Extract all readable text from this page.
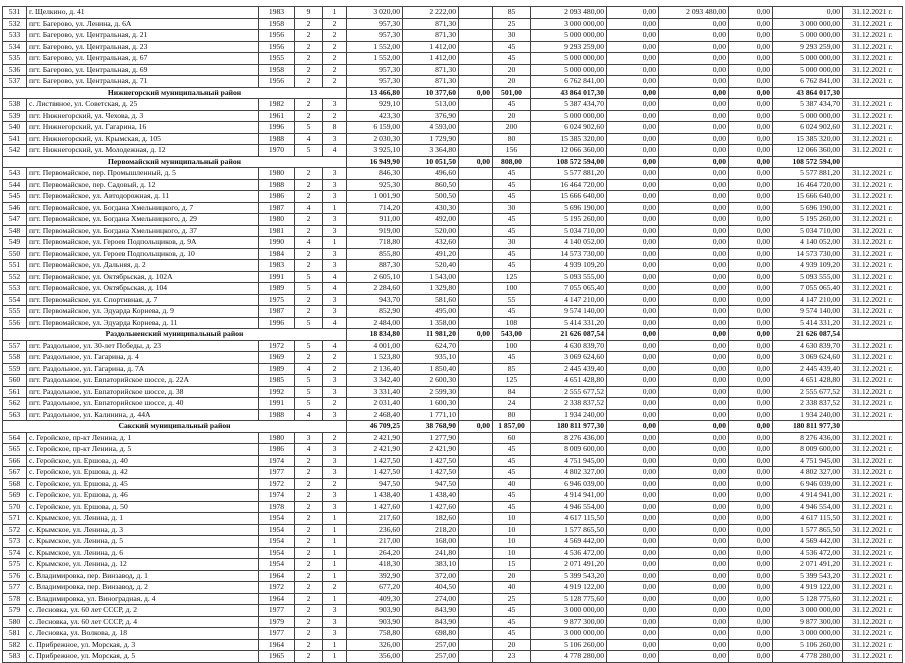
531	г. Щелкино, д. 41	1983	9	1	3 020,00	2 222,00		85	2 093 480,00	0,00	2 093 480,00	0,00	0,00	31.12.2021 г.
532	пгт. Багерово, ул. Ленина, д. 6А	1958	2	2	957,30	871,30		25	3 000 000,00	0,00	0,00	0,00	3 000 000,00	31.12.2021 г.
533	пгт. Багерово, ул. Центральная, д. 21	1956	2	2	957,30	871,30		30	5 000 000,00	0,00	0,00	0,00	5 000 000,00	31.12.2021 г.
534	пгт. Багерово, ул. Центральная, д. 23	1956	2	2	1 552,00	1 412,00		45	9 293 259,00	0,00	0,00	0,00	9 293 259,00	31.12.2021 г.
535	пгт. Багерово, ул. Центральная, д. 67	1955	2	2	1 552,00	1 412,00		45	5 000 000,00	0,00	0,00	0,00	5 000 000,00	31.12.2021 г.
536	пгт. Багерово, ул. Центральная, д. 69	1958	2	2	957,30	871,30		20	5 000 000,00	0,00	0,00	0,00	5 000 000,00	31.12.2021 г.
537	пгт. Багерово, ул. Центральная, д. 71	1956	2	2	957,30	871,30		20	6 762 841,00	0,00	0,00	0,00	6 762 841,00	31.12.2021 г.
Нижнегорский муниципальный район					13 466,80	10 377,60	0,00	501,00	43 864 017,30	0,00	0,00	0,00	43 864 017,30	
538	с. Листвяное, ул. Советская, д. 25	1982	2	3	929,10	513,00		45	5 387 434,70	0,00	0,00	0,00	5 387 434,70	31.12.2021 г.
539	пгт. Нижнегорский, ул. Чехова, д. 3	1961	2	2	423,30	376,90		20	5 000 000,00	0,00	0,00	0,00	5 000 000,00	31.12.2021 г.
540	пгт. Нижнегорский, ул. Гагарина, 16	1996	5	8	6 159,00	4 593,00		200	6 024 902,60	0,00	0,00	0,00	6 024 902,60	31.12.2021 г.
541	пгт. Нижнегорский, ул. Крымская, д. 105	1988	4	3	2 030,30	1 729,90		80	15 385 320,00	0,00	0,00	0,00	15 385 320,00	31.12.2021 г.
542	пгт. Нижнегорский, ул. Молодежная, д. 12	1970	5	4	3 925,10	3 364,80		156	12 066 360,00	0,00	0,00	0,00	12 066 360,00	31.12.2021 г.
Первомайский муниципальный район					16 949,90	10 051,50	0,00	808,00	108 572 594,00	0,00	0,00	0,00	108 572 594,00	
543	пгт. Первомайское, пер. Промышленный, д. 5	1980	2	3	846,30	496,60		45	5 577 881,20	0,00	0,00	0,00	5 577 881,20	31.12.2021 г.
544	пгт. Первомайское, пер. Садовый, д. 12	1988	2	3	925,30	860,50		45	16 464 720,00	0,00	0,00	0,00	16 464 720,00	31.12.2021 г.
545	пгт. Первомайское, ул. Автодорожная, д. 11	1986	2	3	1 001,90	500,50		45	15 666 640,00	0,00	0,00	0,00	15 666 640,00	31.12.2021 г.
546	пгт. Первомайское, ул. Богдана Хмельницкого, д. 7	1987	4	1	714,20	430,30		30	5 696 190,00	0,00	0,00	0,00	5 696 190,00	31.12.2021 г.
547	пгт. Первомайское, ул. Богдана Хмельницкого, д. 29	1980	2	3	911,00	492,00		45	5 195 260,00	0,00	0,00	0,00	5 195 260,00	31.12.2021 г.
548	пгт. Первомайское, ул. Богдана Хмельницкого, д. 37	1981	2	3	919,00	520,00		45	5 034 710,00	0,00	0,00	0,00	5 034 710,00	31.12.2021 г.
549	пгт. Первомайское, ул. Героев Подпольщиков, д. 9А	1990	4	1	718,80	432,60		30	4 140 052,00	0,00	0,00	0,00	4 140 052,00	31.12.2021 г.
550	пгт. Первомайское, ул. Героев Подпольщиков, д. 10	1984	2	3	855,80	491,20		45	14 573 730,00	0,00	0,00	0,00	14 573 730,00	31.12.2021 г.
551	пгт. Первомайское, ул. Дальняя, д. 2	1983	2	3	887,30	520,40		45	4 939 109,20	0,00	0,00	0,00	4 939 109,20	31.12.2021 г.
552	пгт. Первомайское, ул. Октябрьская, д. 102А	1991	5	4	2 605,10	1 543,00		125	5 093 555,00	0,00	0,00	0,00	5 093 555,00	31.12.2021 г.
553	пгт. Первомайское, ул. Октябрьская, д. 104	1989	5	4	2 284,60	1 329,80		100	7 055 065,40	0,00	0,00	0,00	7 055 065,40	31.12.2021 г.
554	пгт. Первомайское, ул. Спортивная, д. 7	1975	2	3	943,70	581,60		55	4 147 210,00	0,00	0,00	0,00	4 147 210,00	31.12.2021 г.
555	пгт. Первомайское, ул. Эдуарда Корнева, д. 9	1987	2	3	852,90	495,00		45	9 574 140,00	0,00	0,00	0,00	9 574 140,00	31.12.2021 г.
556	пгт. Первомайское, ул. Эдуарда Корнева, д. 11	1996	5	4	2 484,00	1 358,00		108	5 414 331,20	0,00	0,00	0,00	5 414 331,20	31.12.2021 г.
Раздольненский муниципальный район					18 834,80	11 981,20	0,00	543,00	21 626 087,54	0,00	0,00	0,00	21 626 087,54	
557	пгт. Раздольное, ул. 30-лет Победы, д. 23	1972	5	4	4 001,00	624,70		100	4 630 839,70	0,00	0,00	0,00	4 630 839,70	31.12.2021 г.
558	пгт. Раздольное, ул. Гагарина, д. 4	1969	2	2	1 523,80	935,10		45	3 069 624,60	0,00	0,00	0,00	3 069 624,60	31.12.2021 г.
559	пгт. Раздольное, ул. Гагарина, д. 7А	1989	4	2	2 136,40	1 850,40		85	2 445 439,40	0,00	0,00	0,00	2 445 439,40	31.12.2021 г.
560	пгт. Раздольное, ул. Евпаторийское шоссе, д. 22А	1985	5	3	3 342,40	2 600,30		125	4 651 428,80	0,00	0,00	0,00	4 651 428,80	31.12.2021 г.
561	пгт. Раздольное, ул. Евпаторийское шоссе, д. 38	1992	5	3	3 331,40	2 599,30		84	2 555 677,52	0,00	0,00	0,00	2 555 677,52	31.12.2021 г.
562	пгт. Раздольное, ул. Евпаторийское шоссе, д. 40	1991	5	2	2 031,40	1 600,30		24	2 338 837,52	0,00	0,00	0,00	2 338 837,52	31.12.2021 г.
563	пгт. Раздольное, ул. Калинина, д. 44А	1988	4	3	2 468,40	1 771,10		80	1 934 240,00	0,00	0,00	0,00	1 934 240,00	31.12.2021 г.
Сакский муниципальный район					46 709,25	38 768,90	0,00	1 857,00	180 811 977,30	0,00	0,00	0,00	180 811 977,30	
564	с. Геройское, пр-кт Ленина, д. 1	1980	3	2	2 421,90	1 277,90		60	8 276 436,00	0,00	0,00	0,00	8 276 436,00	31.12.2021 г.
565	с. Геройское, пр-кт Ленина, д. 5	1986	4	3	2 421,90	2 421,90		45	8 009 600,00	0,00	0,00	0,00	8 009 600,00	31.12.2021 г.
566	с. Геройское, ул. Ершова, д. 40	1974	2	3	1 427,50	1 427,50		45	4 751 945,00	0,00	0,00	0,00	4 751 945,00	31.12.2021 г.
567	с. Геройское, ул. Ершова, д. 42	1977	2	3	1 427,50	1 427,50		45	4 802 327,00	0,00	0,00	0,00	4 802 327,00	31.12.2021 г.
568	с. Геройское, ул. Ершова, д. 45	1972	2	2	947,50	947,50		40	6 946 039,00	0,00	0,00	0,00	6 946 039,00	31.12.2021 г.
569	с. Геройское, ул. Ершова, д. 46	1974	2	3	1 438,40	1 438,40		45	4 914 941,00	0,00	0,00	0,00	4 914 941,00	31.12.2021 г.
570	с. Геройское, ул. Ершова, д. 50	1978	2	3	1 427,60	1 427,60		45	4 946 554,00	0,00	0,00	0,00	4 946 554,00	31.12.2021 г.
571	с. Крымское, ул. Ленина, д. 1	1954	2	1	217,60	182,60		10	4 617 115,50	0,00	0,00	0,00	4 617 115,50	31.12.2021 г.
572	с. Крымское, ул. Ленина, д. 3	1954	2	1	236,60	218,20		10	1 577 865,50	0,00	0,00	0,00	1 577 865,50	31.12.2021 г.
573	с. Крымское, ул. Ленина, д. 5	1954	2	1	217,00	168,00		10	4 569 442,00	0,00	0,00	0,00	4 569 442,00	31.12.2021 г.
574	с. Крымское, ул. Ленина, д. 6	1954	2	1	264,20	241,80		10	4 536 472,00	0,00	0,00	0,00	4 536 472,00	31.12.2021 г.
575	с. Крымское, ул. Ленина, д. 12	1954	2	1	418,30	383,10		15	2 071 491,20	0,00	0,00	0,00	2 071 491,20	31.12.2021 г.
576	с. Владимировка, пер. Винзавод, д. 1	1964	2	1	392,90	372,00		20	5 399 543,20	0,00	0,00	0,00	5 399 543,20	31.12.2021 г.
577	с. Владимировка, пер. Винзавод, д. 2	1972	2	2	677,20	404,50		40	4 919 122,00	0,00	0,00	0,00	4 919 122,00	31.12.2021 г.
578	с. Владимировка, ул. Виноградная, д. 4	1964	2	1	409,30	274,00		25	5 128 775,60	0,00	0,00	0,00	5 128 775,60	31.12.2021 г.
579	с. Лесновка, ул. 60 лет СССР, д. 2	1977	2	3	903,90	843,90		45	3 000 000,00	0,00	0,00	0,00	3 000 000,00	31.12.2021 г.
580	с. Лесновка, ул. 60 лет СССР, д. 4	1979	2	3	903,90	843,90		45	9 877 300,00	0,00	0,00	0,00	9 877 300,00	31.12.2021 г.
581	с. Лесновка, ул. Волкова, д. 18	1977	2	3	758,80	698,80		45	3 000 000,00	0,00	0,00	0,00	3 000 000,00	31.12.2021 г.
582	с. Прибрежное, ул. Морская, д. 3	1964	2	1	326,00	257,00		20	5 106 260,00	0,00	0,00	0,00	5 106 260,00	31.12.2021 г.
583	с. Прибрежное, ул. Морская, д. 5	1965	2	1	356,00	257,00		23	4 778 280,00	0,00	0,00	0,00	4 778 280,00	31.12.2021 г.
